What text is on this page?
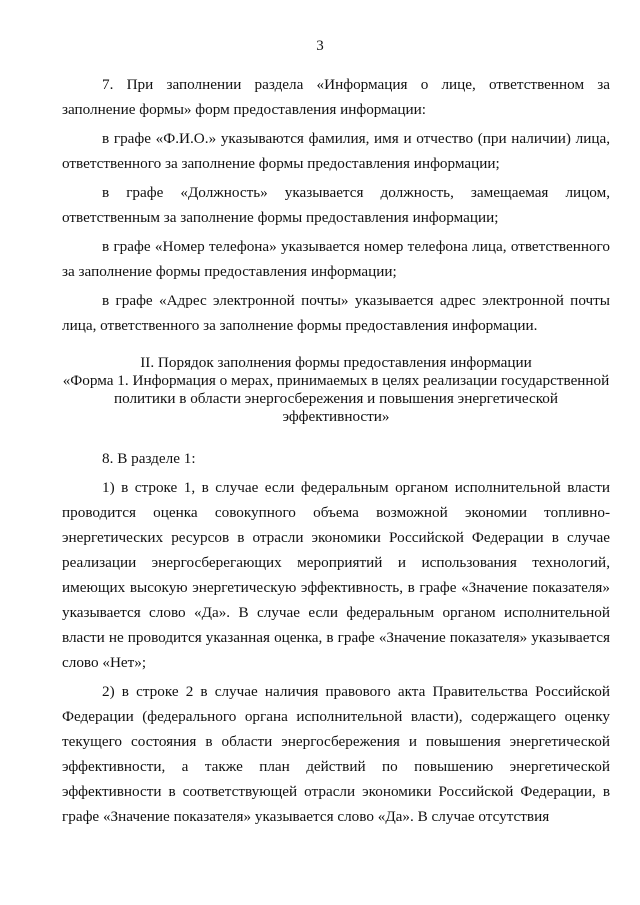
3

7. При заполнении раздела «Информация о лице, ответственном за заполнение формы» форм предоставления информации:

в графе «Ф.И.О.» указываются фамилия, имя и отчество (при наличии) лица, ответственного за заполнение формы предоставления информации;

в графе «Должность» указывается должность, замещаемая лицом, ответственным за заполнение формы предоставления информации;

в графе «Номер телефона» указывается номер телефона лица, ответственного за заполнение формы предоставления информации;

в графе «Адрес электронной почты» указывается адрес электронной почты лица, ответственного за заполнение формы предоставления информации.

II. Порядок заполнения формы предоставления информации
«Форма 1. Информация о мерах, принимаемых в целях реализации государственной
политики в области энергосбережения и повышения энергетической
эффективности»

8. В разделе 1:

1) в строке 1, в случае если федеральным органом исполнительной власти проводится оценка совокупного объема возможной экономии топливно-энергетических ресурсов в отрасли экономики Российской Федерации в случае реализации энергосберегающих мероприятий и использования технологий, имеющих высокую энергетическую эффективность, в графе «Значение показателя» указывается слово «Да». В случае если федеральным органом исполнительной власти не проводится указанная оценка, в графе «Значение показателя» указывается слово «Нет»;

2) в строке 2 в случае наличия правового акта Правительства Российской Федерации (федерального органа исполнительной власти), содержащего оценку текущего состояния в области энергосбережения и повышения энергетической эффективности, а также план действий по повышению энергетической эффективности в соответствующей отрасли экономики Российской Федерации, в графе «Значение показателя» указывается слово «Да». В случае отсутствия
